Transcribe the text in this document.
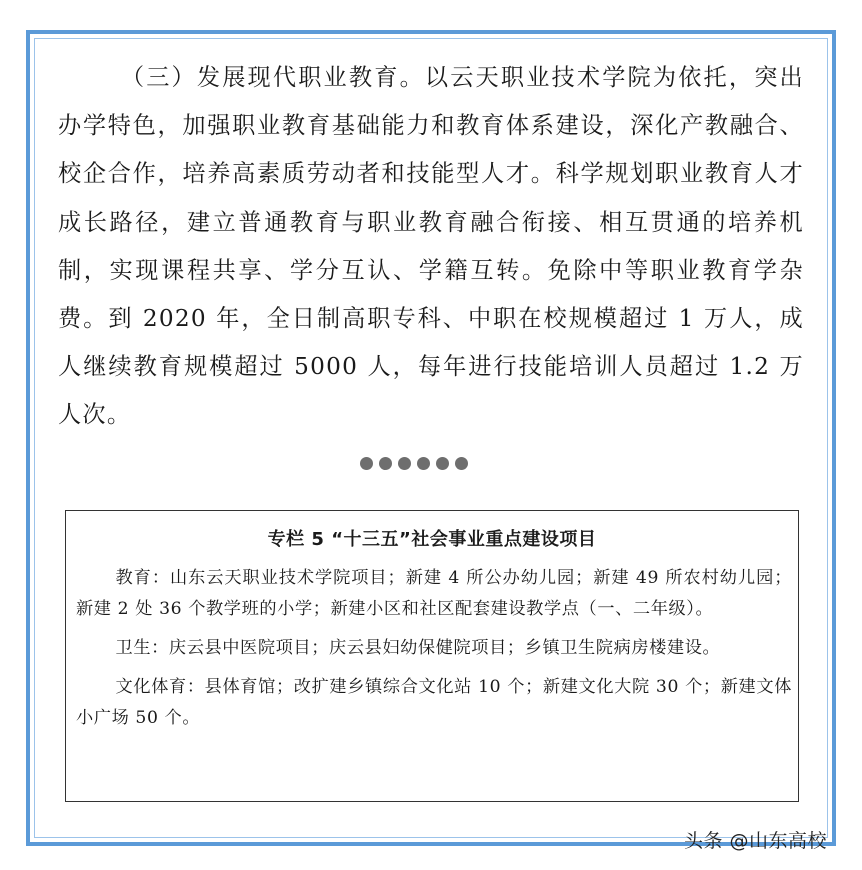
（三）发展现代职业教育。以云天职业技术学院为依托，突出办学特色，加强职业教育基础能力和教育体系建设，深化产教融合、校企合作，培养高素质劳动者和技能型人才。科学规划职业教育人才成长路径，建立普通教育与职业教育融合衔接、相互贯通的培养机制，实现课程共享、学分互认、学籍互转。免除中等职业教育学杂费。到 2020 年，全日制高职专科、中职在校规模超过 1 万人，成人继续教育规模超过 5000 人，每年进行技能培训人员超过 1.2 万人次。

专栏 5 “十三五”社会事业重点建设项目

教育：山东云天职业技术学院项目；新建 4 所公办幼儿园；新建 49 所农村幼儿园；新建 2 处 36 个教学班的小学；新建小区和社区配套建设教学点（一、二年级）。

卫生：庆云县中医院项目；庆云县妇幼保健院项目；乡镇卫生院病房楼建设。

文化体育：县体育馆；改扩建乡镇综合文化站 10 个；新建文化大院 30 个；新建文体小广场 50 个。

头条 @山东高校
